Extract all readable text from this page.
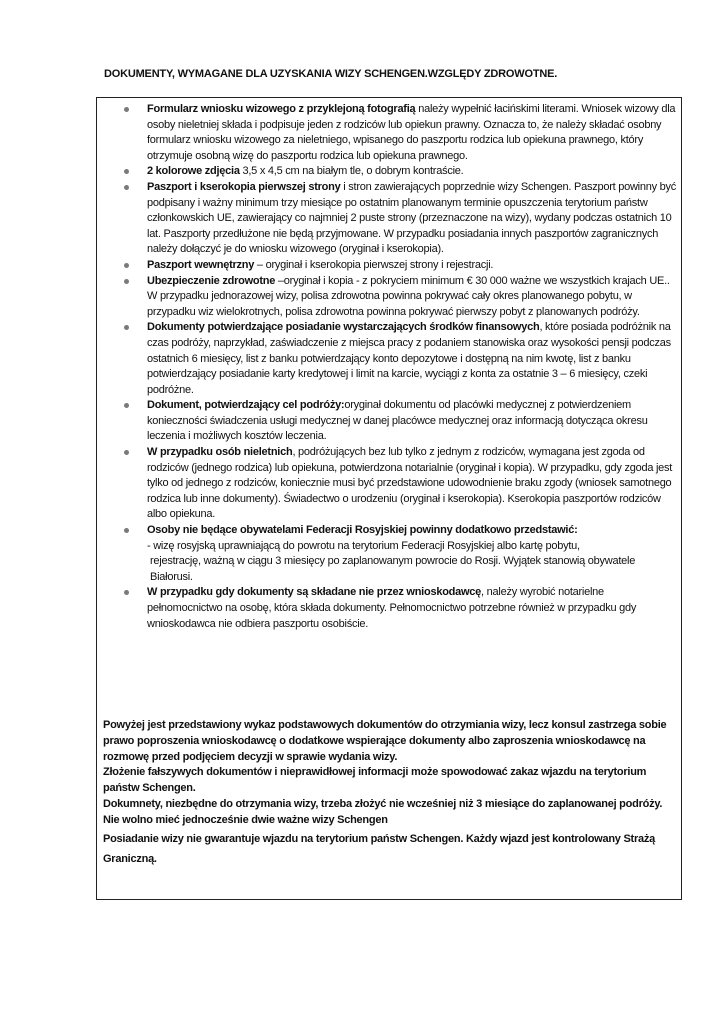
DOKUMENTY, WYMAGANE DLA UZYSKANIA WIZY SCHENGEN.WZGLĘDY ZDROWOTNE.
Formularz wniosku wizowego z przyklejoną fotografią należy wypełnić łacińskimi literami. Wniosek wizowy dla osoby nieletniej składa i podpisuje jeden z rodziców lub opiekun prawny. Oznacza to, że należy składać osobny formularz wniosku wizowego za nieletniego, wpisanego do paszportu rodzica lub opiekuna prawnego, który otrzymuje osobną wizę do paszportu rodzica lub opiekuna prawnego.
2 kolorowe zdjęcia 3,5 x 4,5 cm na białym tle, o dobrym kontraście.
Paszport i kserokopia pierwszej strony i stron zawierających poprzednie wizy Schengen. Paszport powinny być podpisany i ważny minimum trzy miesiące po ostatnim planowanym terminie opuszczenia terytorium państw członkowskich UE, zawierający co najmniej 2 puste strony (przeznaczone na wizy), wydany podczas ostatnich 10 lat. Paszporty przedłużone nie będą przyjmowane. W przypadku posiadania innych paszportów zagranicznych należy dołączyć je do wniosku wizowego (oryginał i kserokopia).
Paszport wewnętrzny – oryginał i kserokopia pierwszej strony i rejestracji.
Ubezpieczenie zdrowotne –oryginał i kopia - z pokryciem minimum € 30 000 ważne we wszystkich krajach UE.. W przypadku jednorazowej wizy, polisa zdrowotna powinna pokrywać cały okres planowanego pobytu, w przypadku wiz wielokrotnych, polisa zdrowotna powinna pokrywać pierwszy pobyt z planowanych podróży.
Dokumenty potwierdzające posiadanie wystarczających środków finansowych, które posiada podróżnik na czas podróży, naprzykład, zaświadczenie z miejsca pracy z podaniem stanowiska oraz wysokości pensji podczas ostatnich 6 miesięcy, list z banku potwierdzający konto depozytowe i dostępną na nim kwotę, list z banku potwierdzający posiadanie karty kredytowej i limit na karcie, wyciągi z konta za ostatnie 3 – 6 miesięcy, czeki podróżne.
Dokument, potwierdzający cel podróży:oryginał dokumentu od placówki medycznej z potwierdzeniem konieczności świadczenia usługi medycznej w danej placówce medycznej oraz informacją dotycząca okresu leczenia i możliwych kosztów leczenia.
W przypadku osób nieletnich, podróżujących bez lub tylko z jednym z rodziców, wymagana jest zgoda od rodziców (jednego rodzica) lub opiekuna, potwierdzona notarialnie (oryginał i kopia). W przypadku, gdy zgoda jest tylko od jednego z rodziców, koniecznie musi być przedstawione udowodnienie braku zgody (wniosek samotnego rodzica lub inne dokumenty). Świadectwo o urodzeniu (oryginał i kserokopia). Kserokopia paszportów rodziców albo opiekuna.
Osoby nie będące obywatelami Federacji Rosyjskiej powinny dodatkowo przedstawić:
- wizę rosyjską uprawniającą do powrotu na terytorium Federacji Rosyjskiej albo kartę pobytu,
rejestrację, ważną w ciągu 3 miesięcy po zaplanowanym powrocie do Rosji. Wyjątek stanowią obywatele Białorusi.
W przypadku gdy dokumenty są składane nie przez wnioskodawcę, należy wyrobić notarielne pełnomocnictwo na osobę, która składa dokumenty. Pełnomocnictwo potrzebne również w przypadku gdy wnioskodawca nie odbiera paszportu osobiście.

Powyżej jest przedstawiony wykaz podstawowych dokumentów do otrzymiania wizy, lecz konsul zastrzega sobie prawo poproszenia wnioskodawcę o dodatkowe wspierające dokumenty albo zaproszenia wnioskodawcę na rozmowę przed podjęciem decyzji w sprawie wydania wizy.

Złożenie fałszywych dokumentów i nieprawidłowej informacji może spowodować zakaz wjazdu na terytorium państw Schengen.

Dokumnety, niezbędne do otrzymania wizy, trzeba złożyć nie wcześniej niż 3 miesiące do zaplanowanej podróży.

Nie wolno mieć jednocześnie dwie ważne wizy Schengen

Posiadanie wizy nie gwarantuje wjazdu na terytorium państw Schengen. Każdy wjazd jest kontrolowany Strażą Graniczną.
